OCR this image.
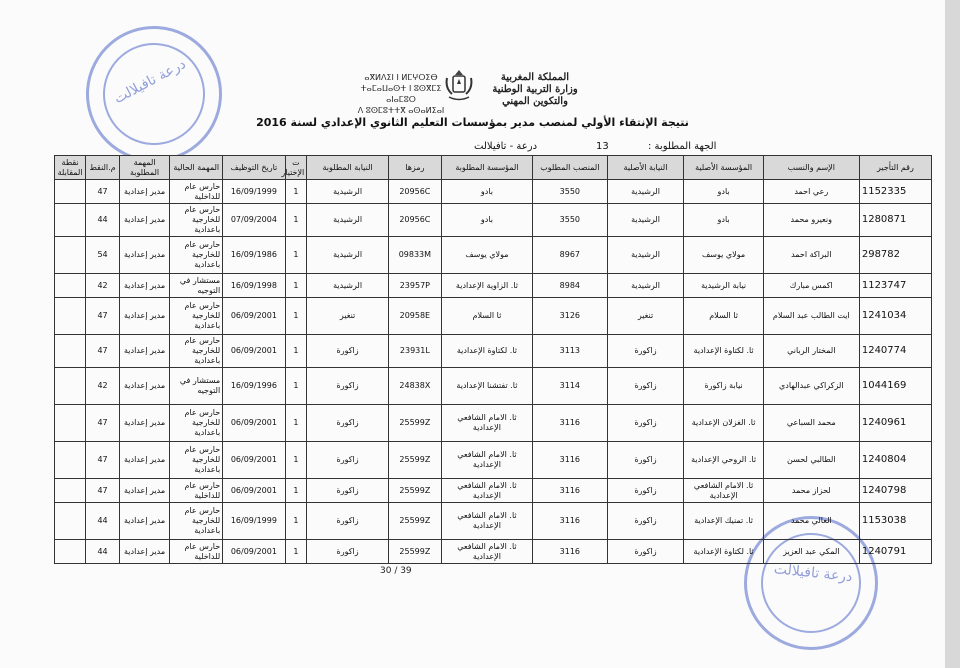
درعة تافيلالت
درعة تافيلالت
ⴰⴳⵍⴷⵉⵏ ⵏ ⵍⵎⵖⵔⵉⴱ
ⵜⴰⵎⴰⵡⴰⵙⵜ ⵏ ⵓⵙⴳⵎⵉ ⴰⵏⴰⵎⵓⵔ
ⴷ ⵓⵙⵎⵓⵜⵜⴳ ⴰⵙⴰⵍⵉⴰⵏ
المملكة المغربية
وزارة التربية الوطنية
والتكوين المهني
نتيجة الإنتقاء الأولي لمنصب مدير بمؤسسات التعليم الثانوي الإعدادي لسنة 2016
الجهة المطلوبة :
13
درعة - تافيلالت
نقطة المقابلة	م.النقط	المهمة المطلوبة	المهمة الحالية	تاريخ التوظيف	ت الإختيار	النيابة المطلوبة	رمزها	المؤسسة المطلوبة	المنصب المطلوب	النيابة الأصلية	المؤسسة الأصلية	الإسم والنسب	رقم التأجير
	47	مدير إعدادية	حارس عام للداخلية	16/09/1999	1	الرشيدية	20956C	بادو	3550	الرشيدية	بادو	رعي احمد	1152335
	44	مدير إعدادية	حارس عام للخارجية باعدادية	07/09/2004	1	الرشيدية	20956C	بادو	3550	الرشيدية	بادو	ونعيرو محمد	1280871
	54	مدير إعدادية	حارس عام للخارجية باعدادية	16/09/1986	1	الرشيدية	09833M	مولاي يوسف	8967	الرشيدية	مولاي يوسف	البراكة احمد	298782
	42	مدير إعدادية	مستشار في التوجيه	16/09/1998	1	الرشيدية	23957P	ثا. الزاوية الإعدادية	8984	الرشيدية	نيابة الرشيدية	اكمس مبارك	1123747
	47	مدير إعدادية	حارس عام للخارجية باعدادية	06/09/2001	1	تنغير	20958E	ثا السلام	3126	تنغير	ثا السلام	ايت الطالب عبد السلام	1241034
	47	مدير إعدادية	حارس عام للخارجية باعدادية	06/09/2001	1	زاكورة	23931L	ثا. لكتاوة الإعدادية	3113	زاكورة	ثا. لكتاوة الإعدادية	المختار الرباني	1240774
	42	مدير إعدادية	مستشار في التوجيه	16/09/1996	1	زاكورة	24838X	ثا. تفتشنا الإعدادية	3114	زاكورة	نيابة زاكورة	الزكراكي عبدالهادي	1044169
	47	مدير إعدادية	حارس عام للخارجية باعدادية	06/09/2001	1	زاكورة	25599Z	ثا. الامام الشافعي الإعدادية	3116	زاكورة	ثا. الغزلان الإعدادية	محمد السباعي	1240961
	47	مدير إعدادية	حارس عام للخارجية باعدادية	06/09/2001	1	زاكورة	25599Z	ثا. الامام الشافعي الإعدادية	3116	زاكورة	ثا. الروحي الإعدادية	الطالبي لحسن	1240804
	47	مدير إعدادية	حارس عام للداخلية	06/09/2001	1	زاكورة	25599Z	ثا. الامام الشافعي الإعدادية	3116	زاكورة	ثا. الامام الشافعي الإعدادية	لحزاز محمد	1240798
	44	مدير إعدادية	حارس عام للخارجية باعدادية	16/09/1999	1	زاكورة	25599Z	ثا. الامام الشافعي الإعدادية	3116	زاكورة	ثا. تمنيك الإعدادية	العالي محمد	1153038
	44	مدير إعدادية	حارس عام للداخلية	06/09/2001	1	زاكورة	25599Z	ثا. الامام الشافعي الإعدادية	3116	زاكورة	ثا. لكتاوة الإعدادية	المكي عبد العزيز	1240791
30 / 39
